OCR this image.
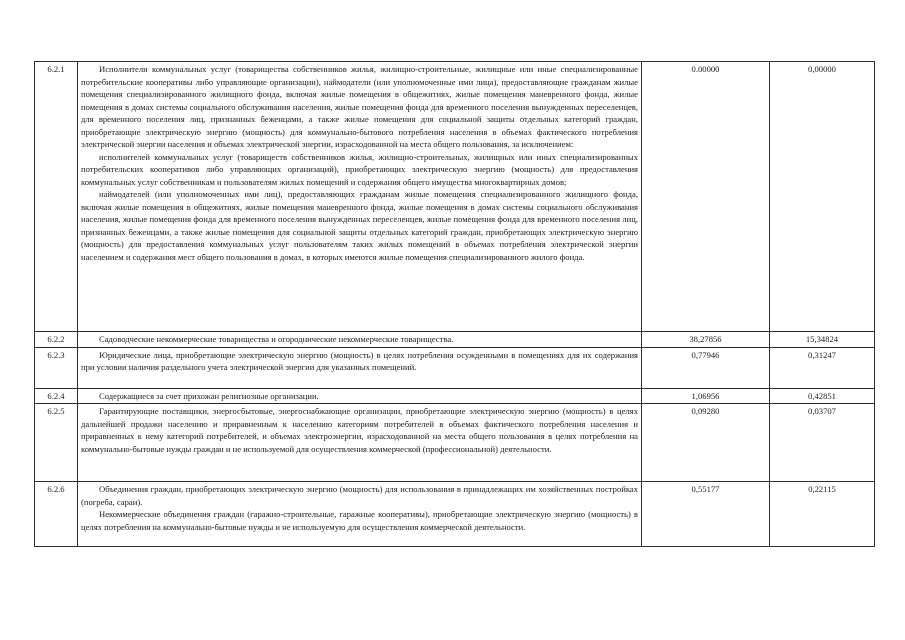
6.2.1	Исполнители коммунальных услуг (товарищества собственников жилья, жилищно-строительные, жилищные или иные специализированные потребительские кооперативы либо управляющие организации), наймодатели (или уполномоченные ими лица), предоставляющие гражданам жилые помещения специализированного жилищного фонда, включая жилые помещения в общежитиях, жилые помещения маневренного фонда, жилые помещения в домах системы социального обслуживания населения, жилые помещения фонда для временного поселения вынужденных переселенцев, для временного поселения лиц, признанных беженцами, а также жилые помещения для социальной защиты отдельных категорий граждан, приобретающие электрическую энергию (мощность) для коммунально-бытового потребления населения в объемах фактического потребления электрической энергии населения и объемах электрической энергии, израсходованной на места общего пользования, за исключением:
исполнителей коммунальных услуг (товариществ собственников жилья, жилищно-строительных, жилищных или иных специализированных потребительских кооперативов либо управляющих организаций), приобретающих электрическую энергию (мощность) для предоставления коммунальных услуг собственникам и пользователям жилых помещений и содержания общего имущества многоквартирных домов;
наймодателей (или уполномоченных ими лиц), предоставляющих гражданам жилые помещения специализированного жилищного фонда, включая жилые помещения в общежитиях, жилые помещения маневренного фонда, жилые помещения в домах системы социального обслуживания населения, жилые помещения фонда для временного поселения вынужденных переселенцев, жилые помещения фонда для временного поселения лиц, признанных беженцами, а также жилые помещения для социальной защиты отдельных категорий граждан, приобретающих электрическую энергию (мощность) для предоставления коммунальных услуг пользователям таких жилых помещений в объемах потребления электрической энергии населением и содержания мест общего пользования в домах, в которых имеются жилые помещения специализированного жилого фонда.	0.00000	0,00000
6.2.2	Садоводческие некоммерческие товарищества и огороднические некоммерческие товарищества.	38,27856	15,34824
6.2.3	Юридические лица, приобретающие электрическую энергию (мощность) в целях потребления осужденными в помещениях для их содержания при условии наличия раздельного учета электрической энергии для указанных помещений.	0,77946	0,31247
6.2.4	Содержащиеся за счет прихожан религиозные организации.	1,06956	0,42851
6.2.5	Гарантирующие поставщики, энергосбытовые, энергоснабжающие организации, приобретающие электрическую энергию (мощность) в целях дальнейшей продажи населению и приравненным к населению категориям потребителей в объемах фактического потребления населения и приравненных к нему категорий потребителей, и объемах электроэнергии, израсходованной на места общего пользования в целях потребления на коммунально-бытовые нужды граждан и не используемой для осуществления коммерческой (профессиональной) деятельности.	0,09280	0,03707
6.2.6	Объединения граждан, приобретающих электрическую энергию (мощность) для использования в принадлежащих им хозяйственных постройках (погреба, сараи).
Некоммерческие объединения граждан (гаражно-строительные, гаражные кооперативы), приобретающие электрическую энергию (мощность) в целях потребления на коммунально-бытовые нужды и не используемую для осуществления коммерческой деятельности.	0,55177	0,22115
